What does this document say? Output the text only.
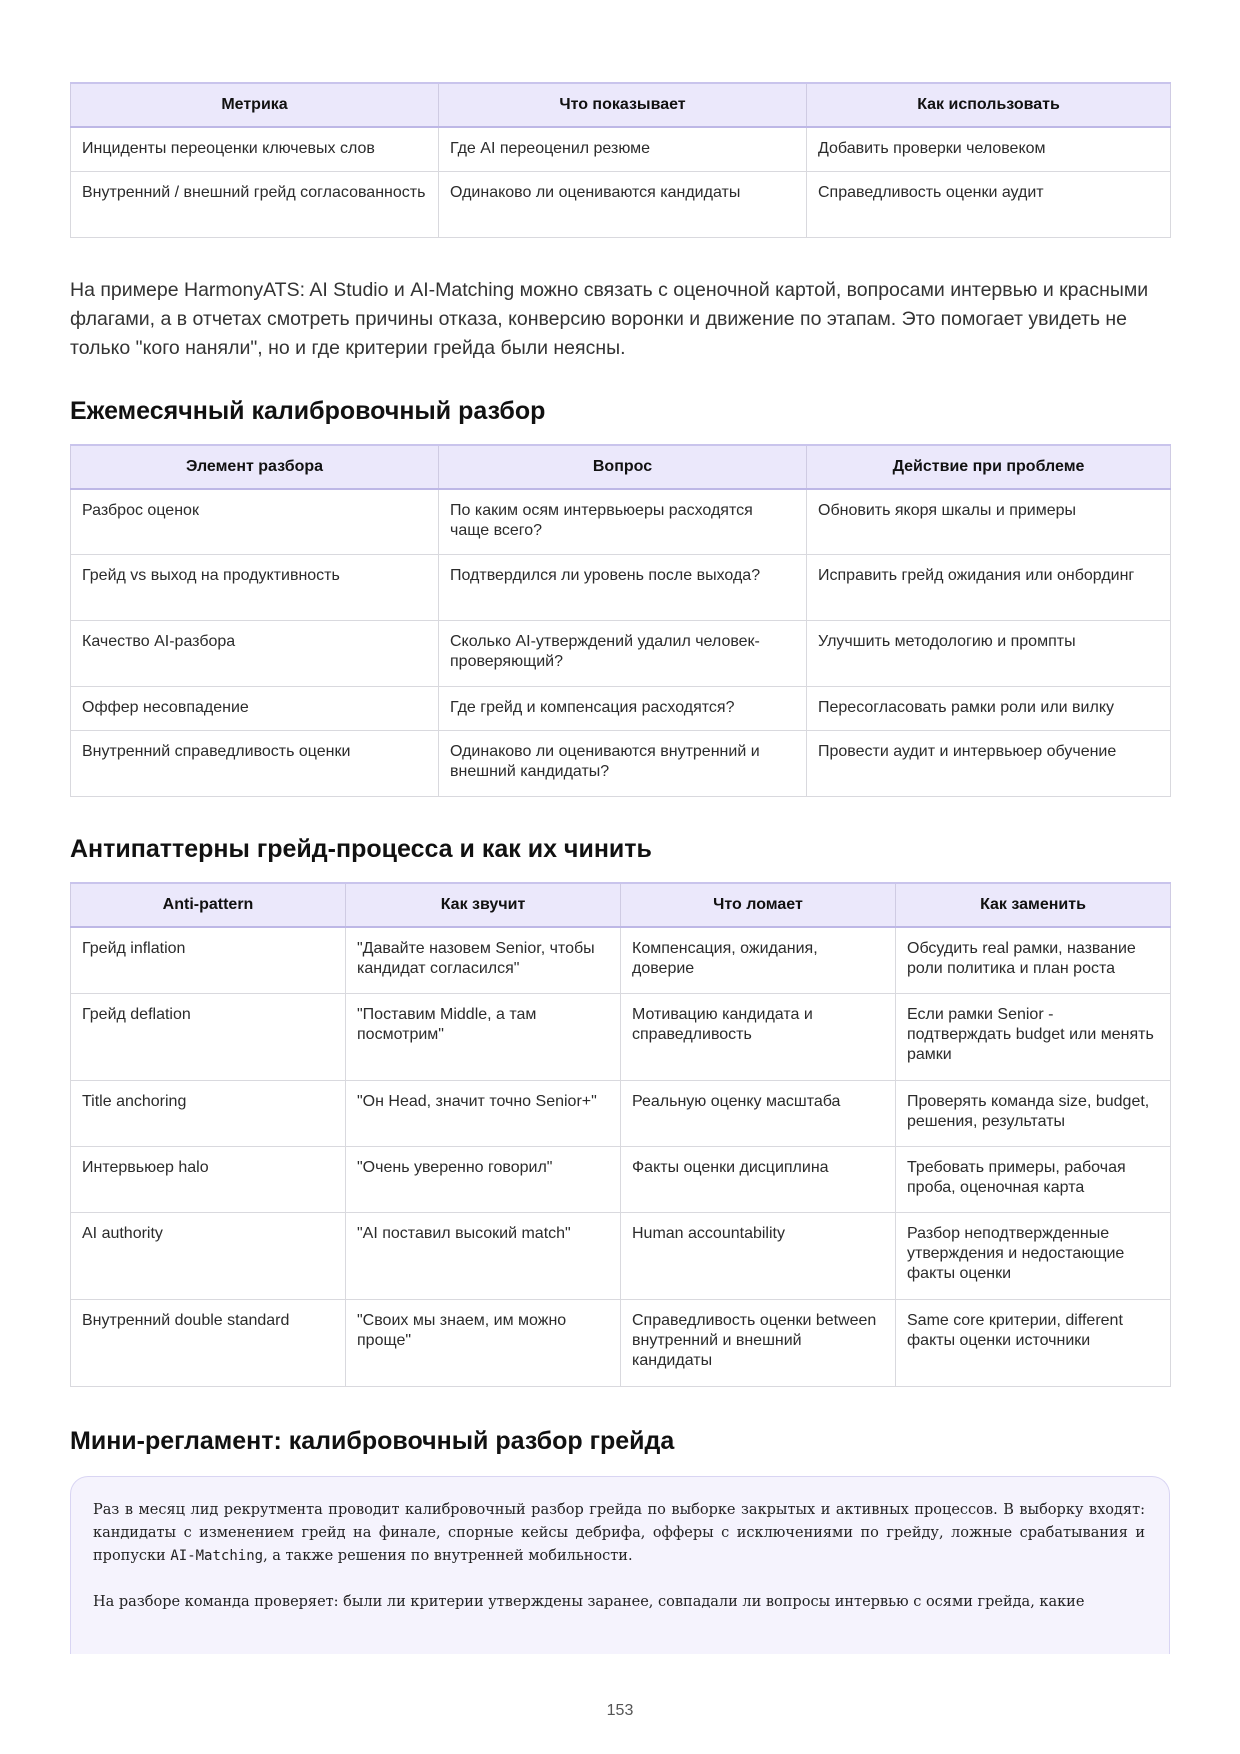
Метрика	Что показывает	Как использовать
Инциденты переоценки ключевых слов	Где AI переоценил резюме	Добавить проверки человеком
Внутренний / внешний грейд согласованность	Одинаково ли оцениваются кандидаты	Справедливость оценки аудит

На примере HarmonyATS: AI Studio и AI-Matching можно связать с оценочной картой, вопросами интервью и красными флагами, а в отчетах смотреть причины отказа, конверсию воронки и движение по этапам. Это помогает увидеть не только "кого наняли", но и где критерии грейда были неясны.

Ежемесячный калибровочный разбор
Элемент разбора	Вопрос	Действие при проблеме
Разброс оценок	По каким осям интервьюеры расходятся чаще всего?	Обновить якоря шкалы и примеры
Грейд vs выход на продуктивность	Подтвердился ли уровень после выхода?	Исправить грейд ожидания или онбординг
Качество AI-разбора	Сколько AI-утверждений удалил человек-проверяющий?	Улучшить методологию и промпты
Оффер несовпадение	Где грейд и компенсация расходятся?	Пересогласовать рамки роли или вилку
Внутренний справедливость оценки	Одинаково ли оцениваются внутренний и внешний кандидаты?	Провести аудит и интервьюер обучение
Антипаттерны грейд-процесса и как их чинить
Anti-pattern	Как звучит	Что ломает	Как заменить
Грейд inflation	"Давайте назовем Senior, чтобы кандидат согласился"	Компенсация, ожидания, доверие	Обсудить real рамки, название роли политика и план роста
Грейд deflation	"Поставим Middle, а там посмотрим"	Мотивацию кандидата и справедливость	Если рамки Senior - подтверждать budget или менять рамки
Title anchoring	"Он Head, значит точно Senior+"	Реальную оценку масштаба	Проверять команда size, budget, решения, результаты
Интервьюер halo	"Очень уверенно говорил"	Факты оценки дисциплина	Требовать примеры, рабочая проба, оценочная карта
AI authority	"AI поставил высокий match"	Human accountability	Разбор неподтвержденные утверждения и недостающие факты оценки
Внутренний double standard	"Своих мы знаем, им можно проще"	Справедливость оценки between внутренний и внешний кандидаты	Same core критерии, different факты оценки источники
Мини-регламент: калибровочный разбор грейда

Раз в месяц лид рекрутмента проводит калибровочный разбор грейда по выборке закрытых и активных процессов. В выборку входят: кандидаты с изменением грейд на финале, спорные кейсы дебрифа, офферы с исключениями по грейду, ложные срабатывания и пропуски AI-Matching, а также решения по внутренней мобильности.

На разборе команда проверяет: были ли критерии утверждены заранее, совпадали ли вопросы интервью с осями грейда, какие

153
